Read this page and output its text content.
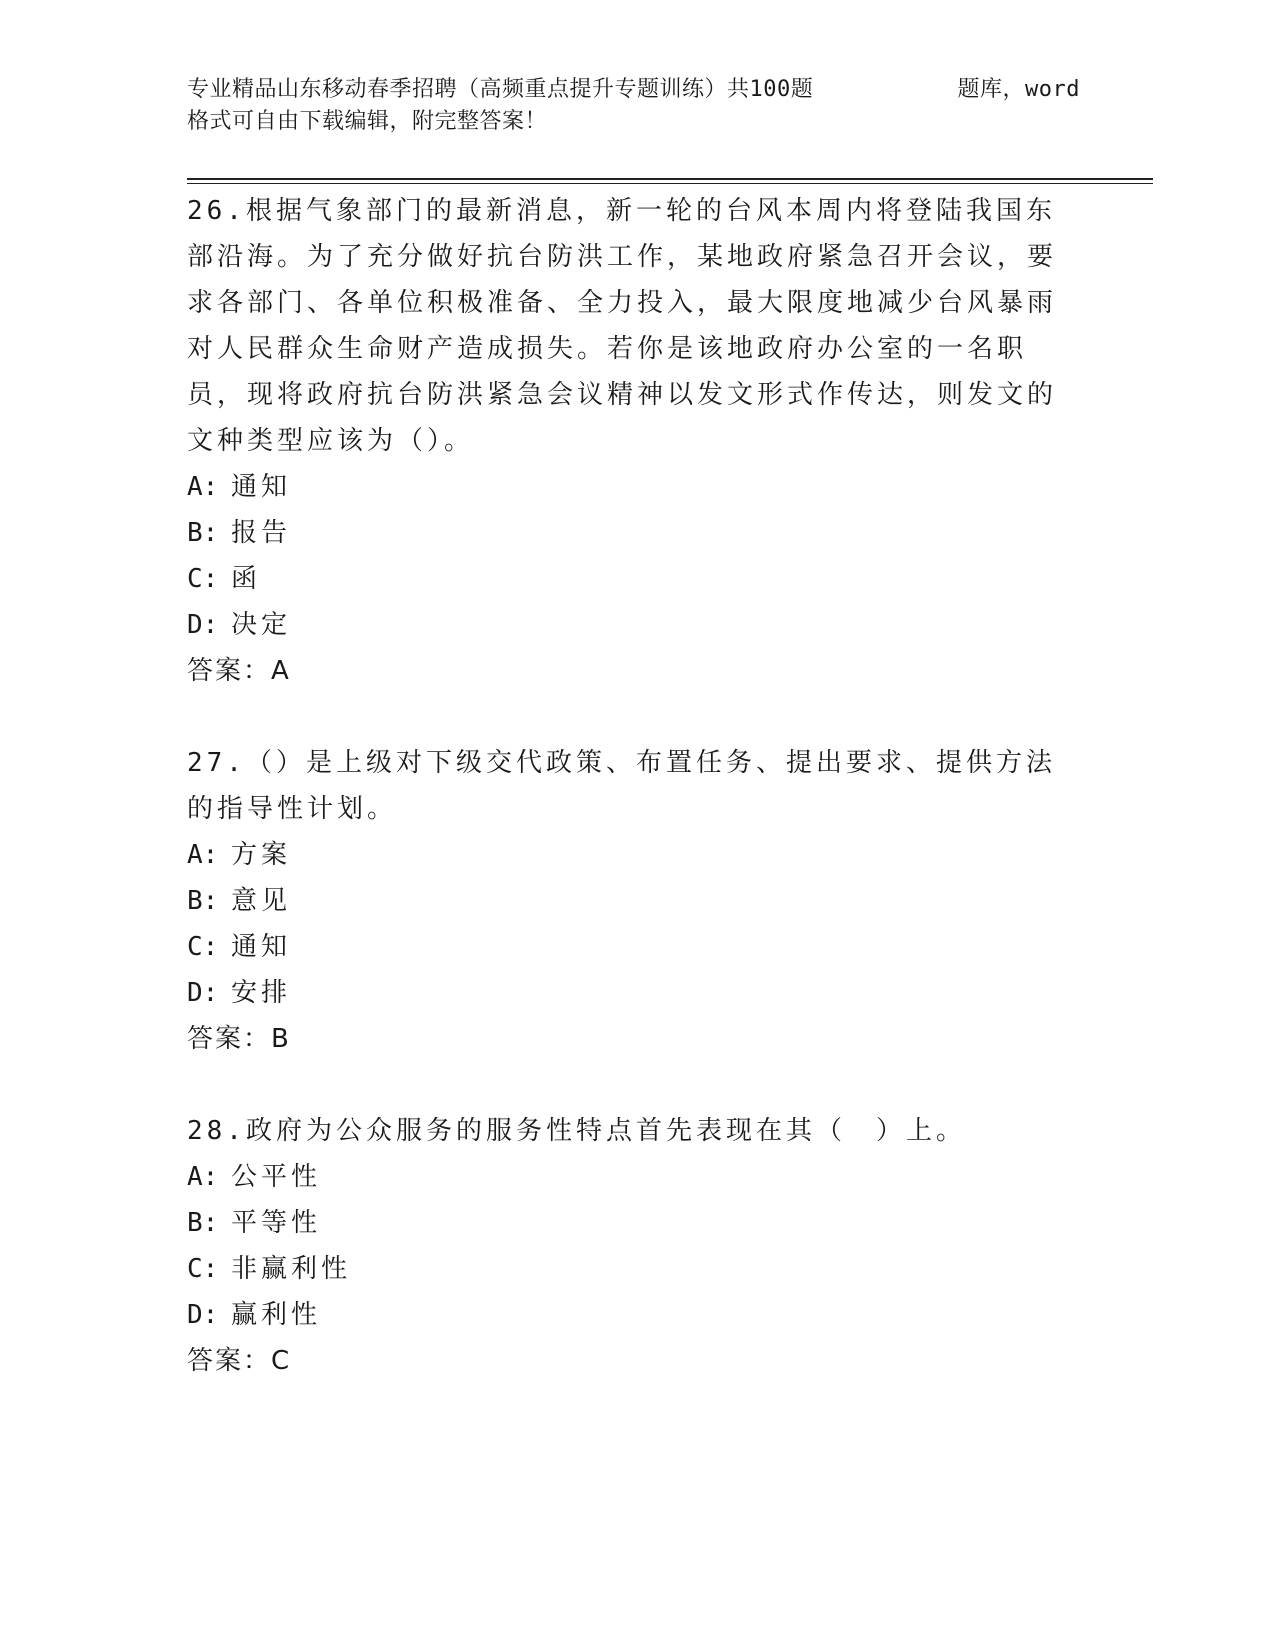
专业精品山东移动春季招聘（高频重点提升专题训练）共100题	题库，word
格式可自由下载编辑，附完整答案！
26.根据气象部门的最新消息，新一轮的台风本周内将登陆我国东部沿海。为了充分做好抗台防洪工作，某地政府紧急召开会议，要求各部门、各单位积极准备、全力投入，最大限度地减少台风暴雨对人民群众生命财产造成损失。若你是该地政府办公室的一名职员，现将政府抗台防洪紧急会议精神以发文形式作传达，则发文的文种类型应该为（）。
A: 通知
B: 报告
C: 函
D: 决定
答案：A
27.（）是上级对下级交代政策、布置任务、提出要求、提供方法的指导性计划。
A: 方案
B: 意见
C: 通知
D: 安排
答案：B
28.政府为公众服务的服务性特点首先表现在其（　）上。
A: 公平性
B: 平等性
C: 非赢利性
D: 赢利性
答案：C
